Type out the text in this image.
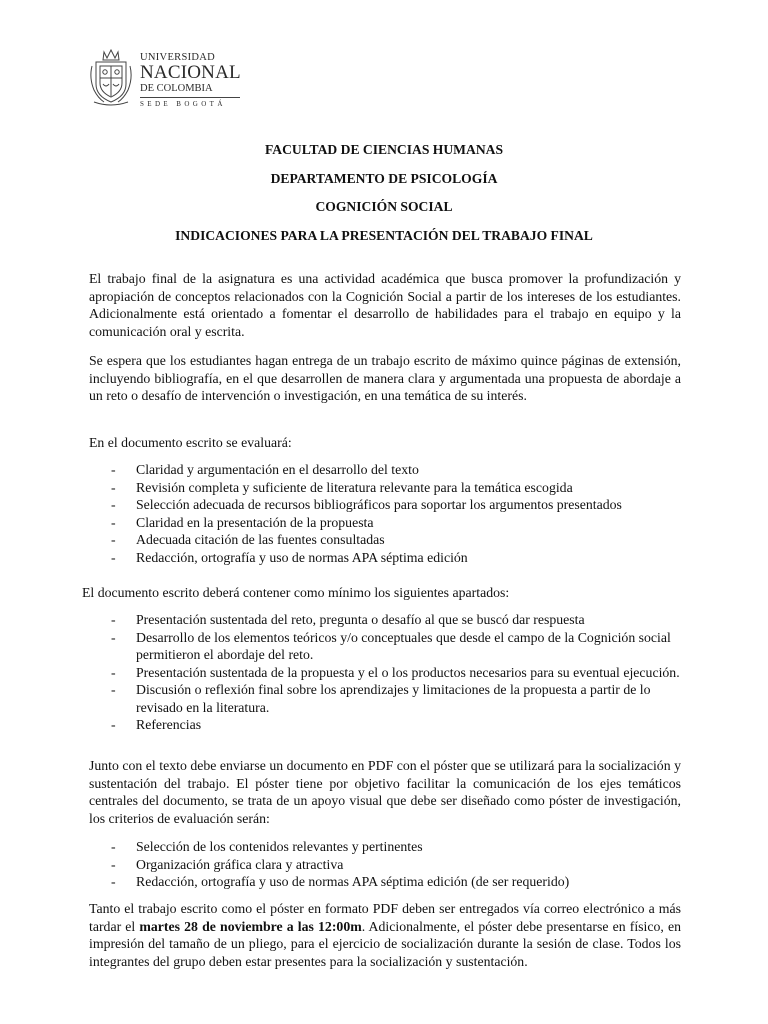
UNIVERSIDAD
NACIONAL
DE COLOMBIA
SEDE BOGOTÁ
FACULTAD DE CIENCIAS HUMANAS
DEPARTAMENTO DE PSICOLOGÍA
COGNICIÓN SOCIAL
INDICACIONES PARA LA PRESENTACIÓN DEL TRABAJO FINAL

El trabajo final de la asignatura es una actividad académica que busca promover la profundización y apropiación de conceptos relacionados con la Cognición Social a partir de los intereses de los estudiantes. Adicionalmente está orientado a fomentar el desarrollo de habilidades para el trabajo en equipo y la comunicación oral y escrita.

Se espera que los estudiantes hagan entrega de un trabajo escrito de máximo quince páginas de extensión, incluyendo bibliografía, en el que desarrollen de manera clara y argumentada una propuesta de abordaje a un reto o desafío de intervención o investigación, en una temática de su interés.

En el documento escrito se evaluará:

- Claridad y argumentación en el desarrollo del texto
- Revisión completa y suficiente de literatura relevante para la temática escogida
- Selección adecuada de recursos bibliográficos para soportar los argumentos presentados
- Claridad en la presentación de la propuesta
- Adecuada citación de las fuentes consultadas
- Redacción, ortografía y uso de normas APA séptima edición

El documento escrito deberá contener como mínimo los siguientes apartados:

- Presentación sustentada del reto, pregunta o desafío al que se buscó dar respuesta
- Desarrollo de los elementos teóricos y/o conceptuales que desde el campo de la Cognición social permitieron el abordaje del reto.
- Presentación sustentada de la propuesta y el o los productos necesarios para su eventual ejecución.
- Discusión o reflexión final sobre los aprendizajes y limitaciones de la propuesta a partir de lo revisado en la literatura.
- Referencias

Junto con el texto debe enviarse un documento en PDF con el póster que se utilizará para la socialización y sustentación del trabajo. El póster tiene por objetivo facilitar la comunicación de los ejes temáticos centrales del documento, se trata de un apoyo visual que debe ser diseñado como póster de investigación, los criterios de evaluación serán:

- Selección de los contenidos relevantes y pertinentes
- Organización gráfica clara y atractiva
- Redacción, ortografía y uso de normas APA séptima edición (de ser requerido)

Tanto el trabajo escrito como el póster en formato PDF deben ser entregados vía correo electrónico a más tardar el martes 28 de noviembre a las 12:00m. Adicionalmente, el póster debe presentarse en físico, en impresión del tamaño de un pliego, para el ejercicio de socialización durante la sesión de clase. Todos los integrantes del grupo deben estar presentes para la socialización y sustentación.
